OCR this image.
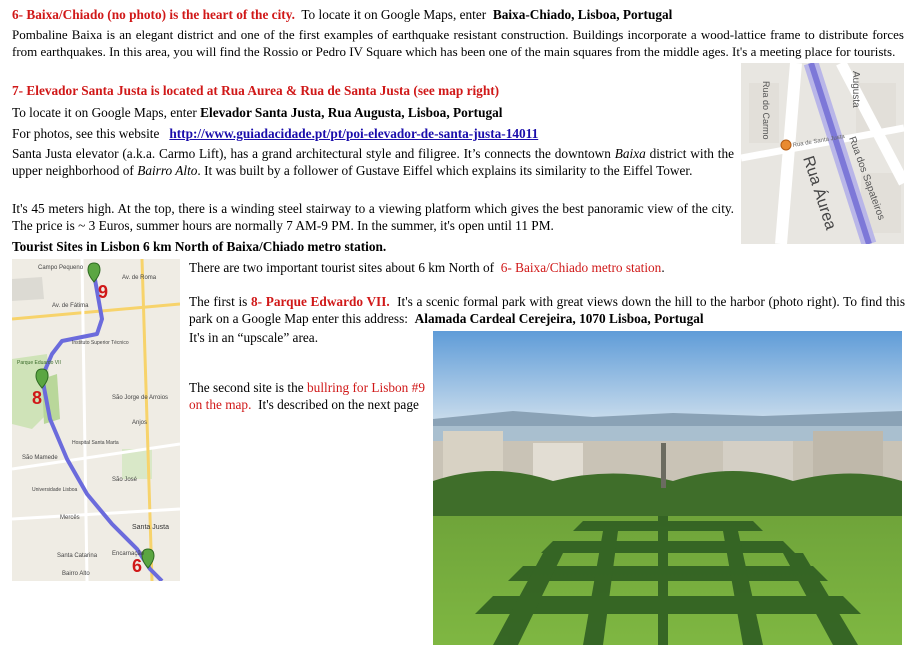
6- Baixa/Chiado (no photo) is the heart of the city. To locate it on Google Maps, enter Baixa-Chiado, Lisboa, Portugal
Pombaline Baixa is an elegant district and one of the first examples of earthquake resistant construction. Buildings incorporate a wood-lattice frame to distribute forces from earthquakes. In this area, you will find the Rossio or Pedro IV Square which has been one of the main squares from the middle ages. It's a meeting place for tourists.
7- Elevador Santa Justa is located at Rua Aurea & Rua de Santa Justa (see map right)
To locate it on Google Maps, enter Elevador Santa Justa, Rua Augusta, Lisboa, Portugal
For photos, see this website http://www.guiadacidade.pt/pt/poi-elevador-de-santa-justa-14011
Santa Justa elevator (a.k.a. Carmo Lift), has a grand architectural style and filigree. It’s connects the downtown Baixa district with the upper neighborhood of Bairro Alto. It was built by a follower of Gustave Eiffel which explains its similarity to the Eiffel Tower.
It's 45 meters high. At the top, there is a winding steel stairway to a viewing platform which gives the best panoramic view of the city. The price is ~ 3 Euros, summer hours are normally 7 AM-9 PM. In the summer, it's open until 11 PM.
Tourist Sites in Lisbon 6 km North of Baixa/Chiado metro station.
There are two important tourist sites about 6 km North of 6- Baixa/Chiado metro station.
The first is 8- Parque Edwardo VII. It's a scenic formal park with great views down the hill to the harbor (photo right). To find this park on a Google Map enter this address: Alamada Cardeal Cerejeira, 1070 Lisboa, Portugal
It's in an “upscale” area.
The second site is the bullring for Lisbon #9 on the map. It's described on the next page
Augusta
Rua do Carmo
Rua de Santa Justa
Rua Áurea Rua dos Sapateiros
9
8
6
Campo Pequeno
Av. de Roma
Av. de Fátima
Instituto Superior Técnico
Parque Eduardo VII
São Jorge de Arroios
Anjos
Hospital Santa Marta
São Mamede
São José
Universidade Lisboa
Mercês
Santa Justa
Encarnação
Santa Catarina
Bairro Alto
